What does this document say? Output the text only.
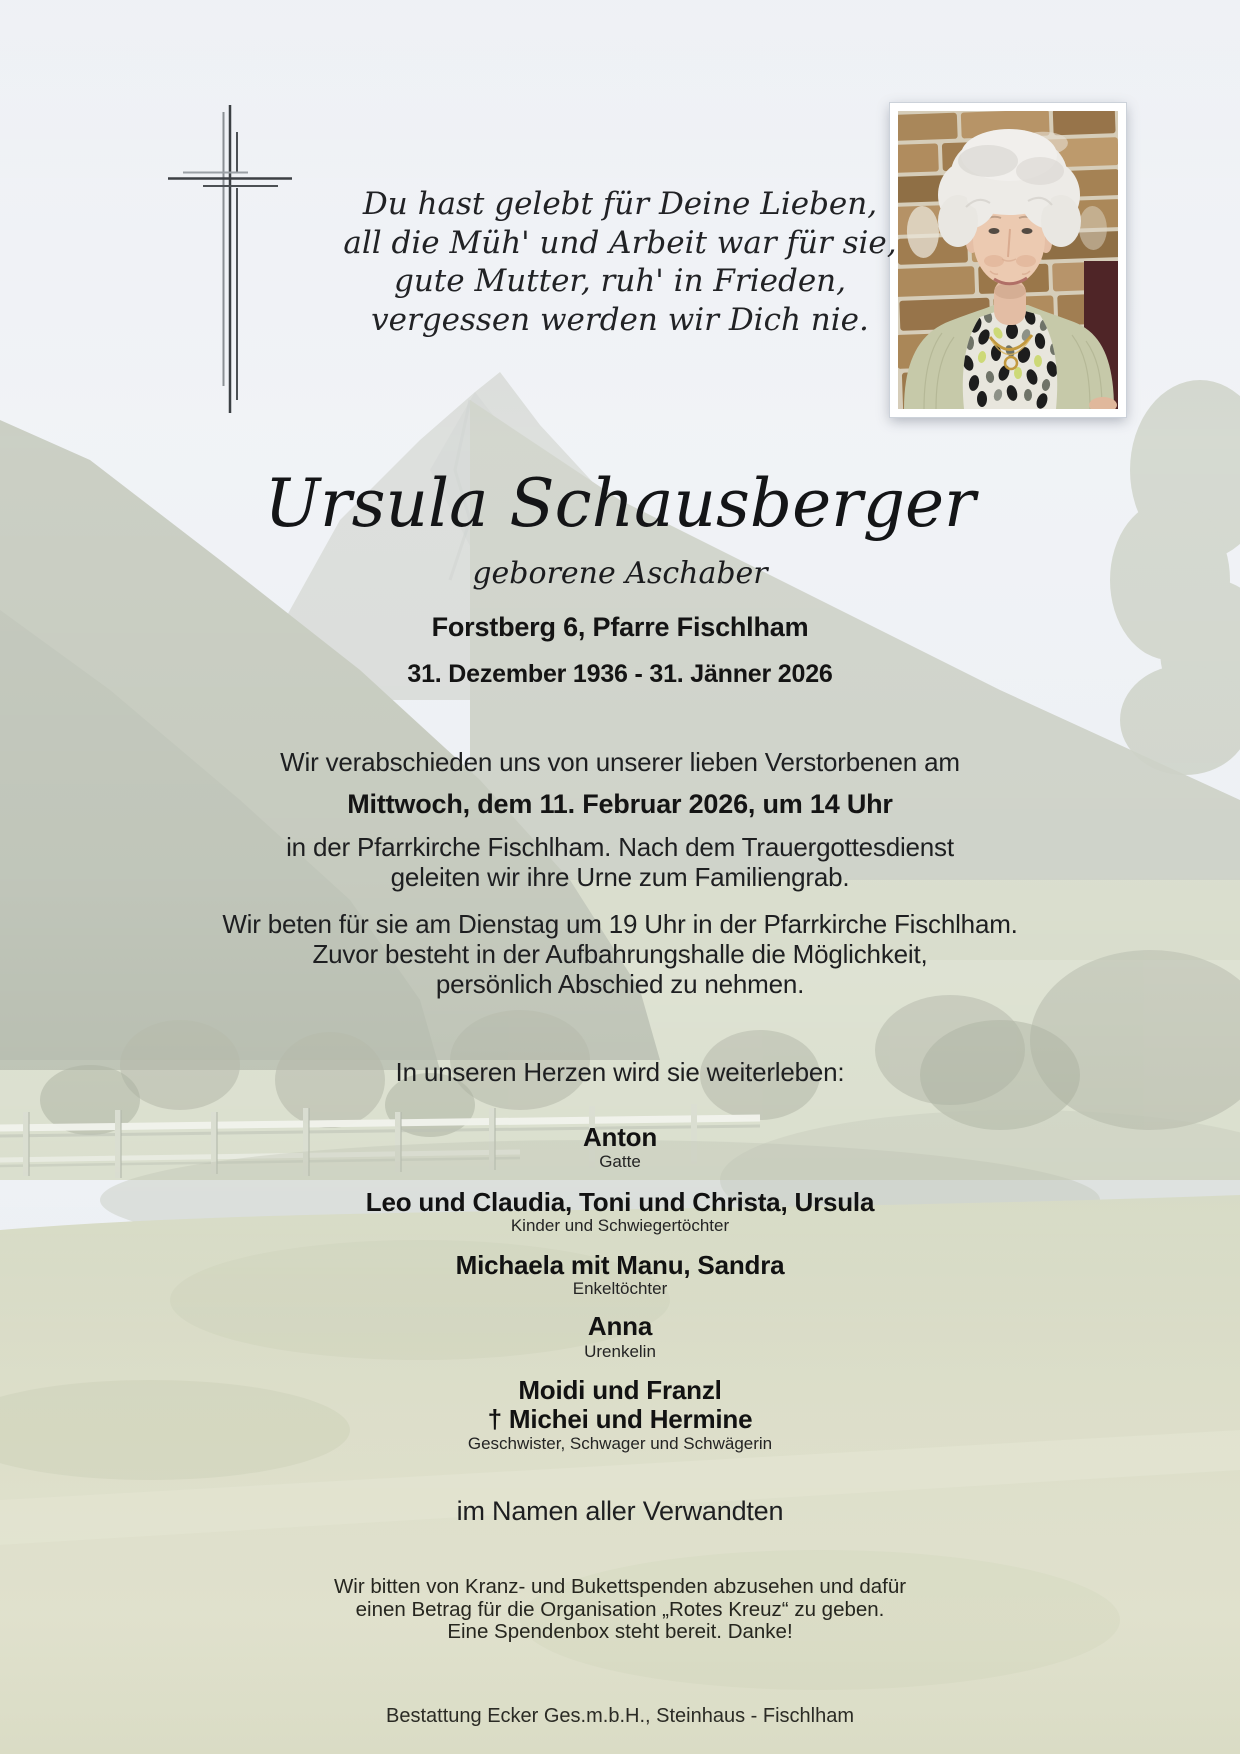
Du hast gelebt für Deine Lieben,
all die Müh' und Arbeit war für sie,
gute Mutter, ruh' in Frieden,
vergessen werden wir Dich nie.
Ursula Schausberger
geborene Aschaber
Forstberg 6, Pfarre Fischlham
31. Dezember 1936 - 31. Jänner 2026
Wir verabschieden uns von unserer lieben Verstorbenen am
Mittwoch, dem 11. Februar 2026, um 14 Uhr
in der Pfarrkirche Fischlham. Nach dem Trauergottesdienst
geleiten wir ihre Urne zum Familiengrab.
Wir beten für sie am Dienstag um 19 Uhr in der Pfarrkirche Fischlham.
Zuvor besteht in der Aufbahrungshalle die Möglichkeit,
persönlich Abschied zu nehmen.
In unseren Herzen wird sie weiterleben:
Anton
Gatte
Leo und Claudia, Toni und Christa, Ursula
Kinder und Schwiegertöchter
Michaela mit Manu, Sandra
Enkeltöchter
Anna
Urenkelin
Moidi und Franzl
† Michei und Hermine
Geschwister, Schwager und Schwägerin
im Namen aller Verwandten
Wir bitten von Kranz- und Bukettspenden abzusehen und dafür
einen Betrag für die Organisation „Rotes Kreuz“ zu geben.
Eine Spendenbox steht bereit. Danke!
Bestattung Ecker Ges.m.b.H., Steinhaus - Fischlham
